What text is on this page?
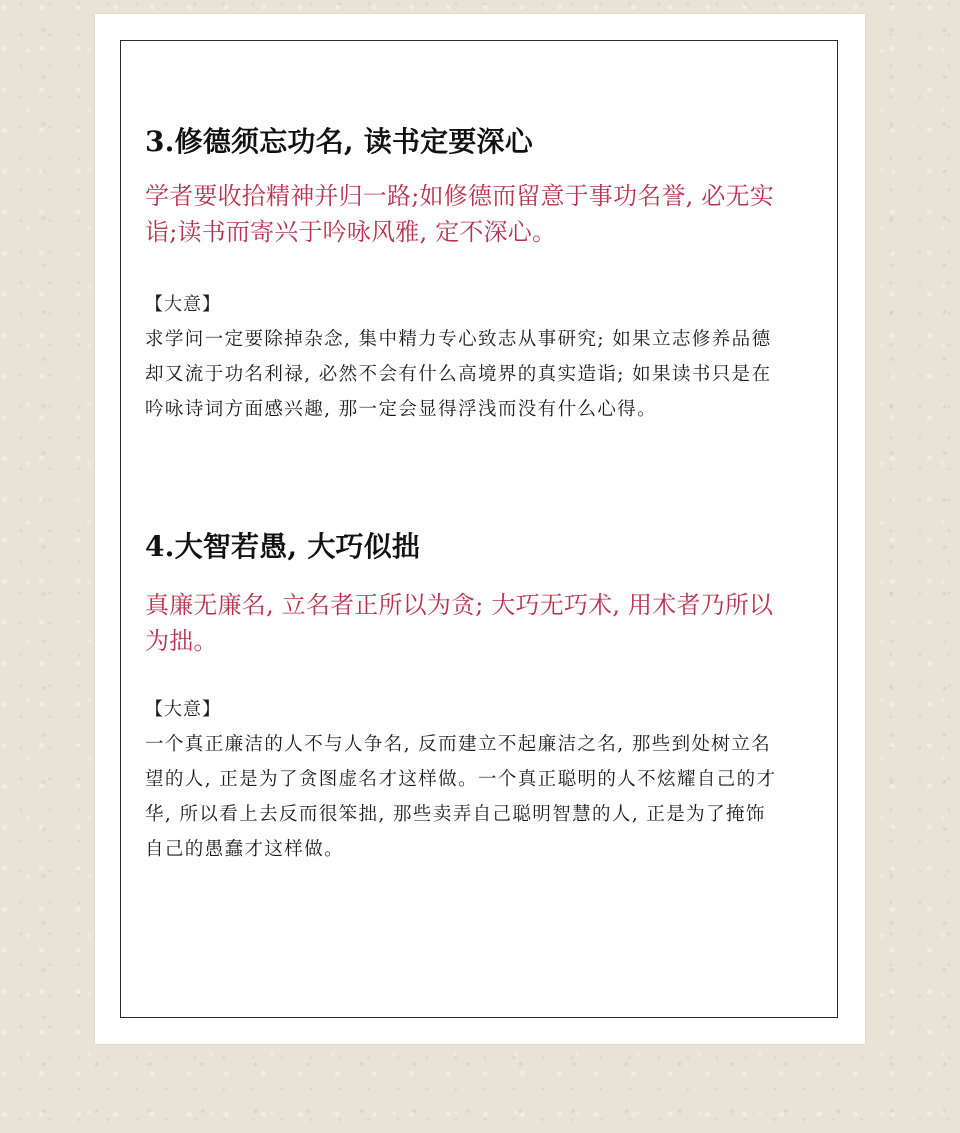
3.修德须忘功名, 读书定要深心

学者要收拾精神并归一路;如修德而留意于事功名誉, 必无实诣;读书而寄兴于吟咏风雅, 定不深心。

【大意】

求学问一定要除掉杂念, 集中精力专心致志从事研究; 如果立志修养品德却又流于功名利禄, 必然不会有什么高境界的真实造诣; 如果读书只是在吟咏诗词方面感兴趣, 那一定会显得浮浅而没有什么心得。

4.大智若愚, 大巧似拙

真廉无廉名, 立名者正所以为贪; 大巧无巧术, 用术者乃所以为拙。

【大意】

一个真正廉洁的人不与人争名, 反而建立不起廉洁之名, 那些到处树立名望的人, 正是为了贪图虚名才这样做。一个真正聪明的人不炫耀自己的才华, 所以看上去反而很笨拙, 那些卖弄自己聪明智慧的人, 正是为了掩饰自己的愚蠢才这样做。
